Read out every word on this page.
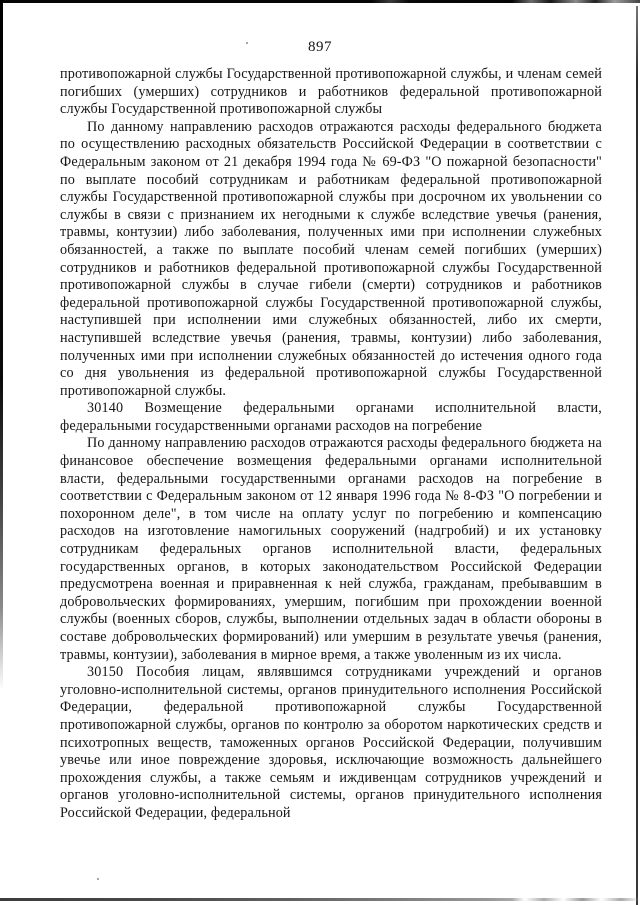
897

противопожарной службы Государственной противопожарной службы, и членам семей погибших (умерших) сотрудников и работников федеральной противопожарной службы Государственной противопожарной службы

По данному направлению расходов отражаются расходы федерального бюджета по осуществлению расходных обязательств Российской Федерации в соответствии с Федеральным законом от 21 декабря 1994 года № 69-ФЗ "О пожарной безопасности" по выплате пособий сотрудникам и работникам федеральной противопожарной службы Государственной противопожарной службы при досрочном их увольнении со службы в связи с признанием их негодными к службе вследствие увечья (ранения, травмы, контузии) либо заболевания, полученных ими при исполнении служебных обязанностей, а также по выплате пособий членам семей погибших (умерших) сотрудников и работников федеральной противопожарной службы Государственной противопожарной службы в случае гибели (смерти) сотрудников и работников федеральной противопожарной службы Государственной противопожарной службы, наступившей при исполнении ими служебных обязанностей, либо их смерти, наступившей вследствие увечья (ранения, травмы, контузии) либо заболевания, полученных ими при исполнении служебных обязанностей до истечения одного года со дня увольнения из федеральной противопожарной службы Государственной противопожарной службы.

30140 Возмещение федеральными органами исполнительной власти, федеральными государственными органами расходов на погребение

По данному направлению расходов отражаются расходы федерального бюджета на финансовое обеспечение возмещения федеральными органами исполнительной власти, федеральными государственными органами расходов на погребение в соответствии с Федеральным законом от 12 января 1996 года № 8-ФЗ "О погребении и похоронном деле", в том числе на оплату услуг по погребению и компенсацию расходов на изготовление намогильных сооружений (надгробий) и их установку сотрудникам федеральных органов исполнительной власти, федеральных государственных органов, в которых законодательством Российской Федерации предусмотрена военная и приравненная к ней служба, гражданам, пребывавшим в добровольческих формированиях, умершим, погибшим при прохождении военной службы (военных сборов, службы, выполнении отдельных задач в области обороны в составе добровольческих формирований) или умершим в результате увечья (ранения, травмы, контузии), заболевания в мирное время, а также уволенным из их числа.

30150 Пособия лицам, являвшимся сотрудниками учреждений и органов уголовно-исполнительной системы, органов принудительного исполнения Российской Федерации, федеральной противопожарной службы Государственной противопожарной службы, органов по контролю за оборотом наркотических средств и психотропных веществ, таможенных органов Российской Федерации, получившим увечье или иное повреждение здоровья, исключающие возможность дальнейшего прохождения службы, а также семьям и иждивенцам сотрудников учреждений и органов уголовно-исполнительной системы, органов принудительного исполнения Российской Федерации, федеральной
